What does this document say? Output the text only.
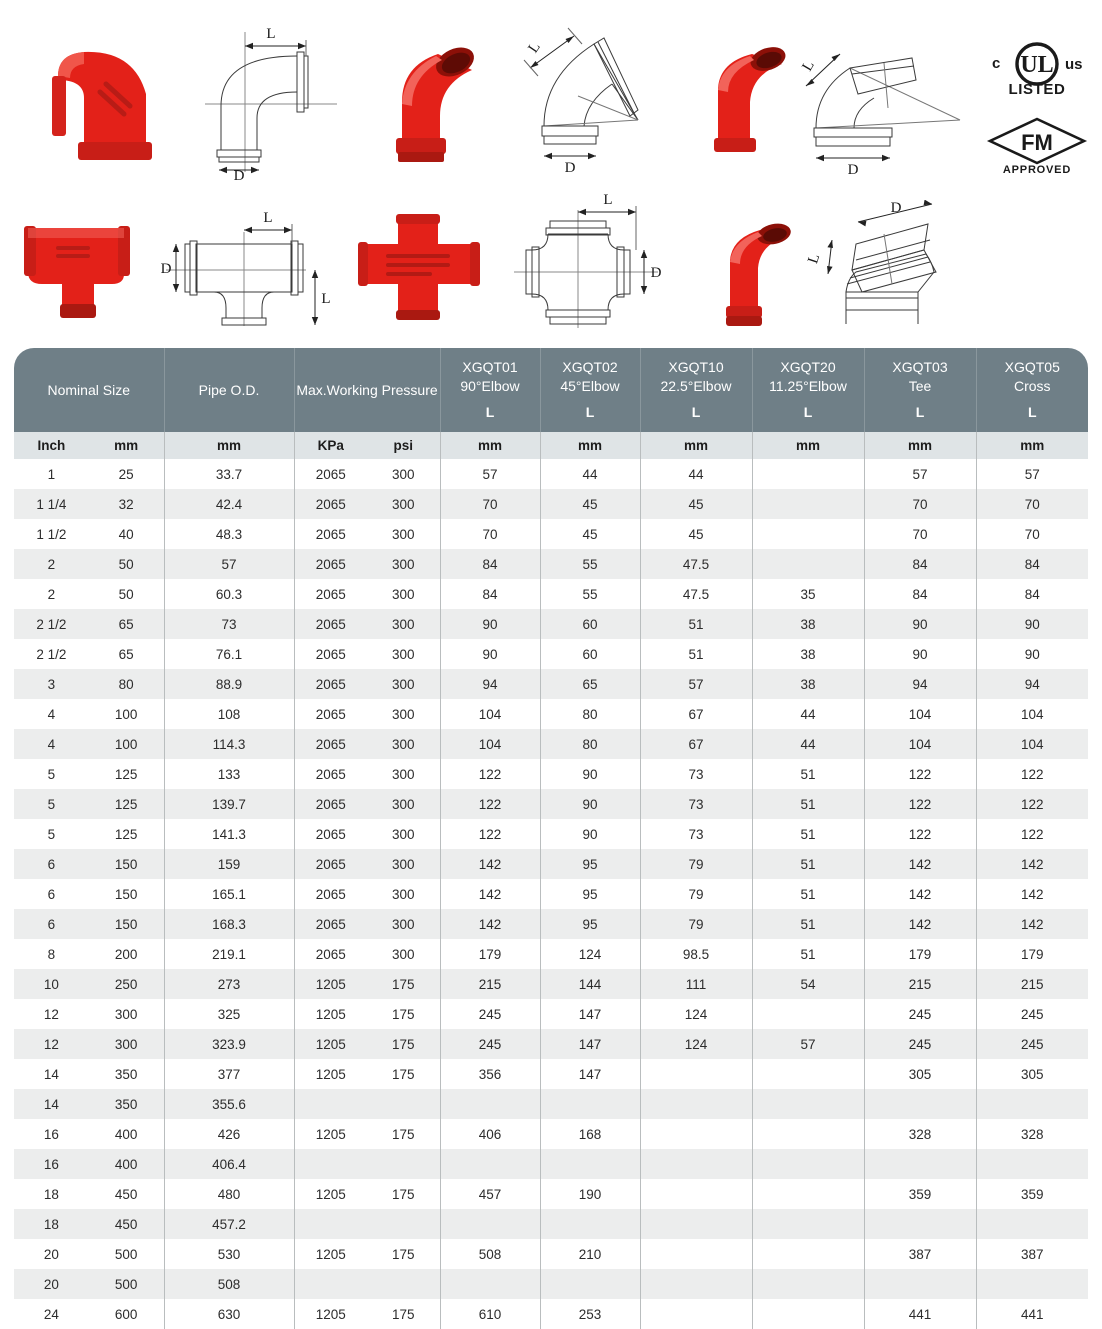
L
D
L
D
L
D
L
D
L
L
D
D
L
c UL us
LISTED
FM
APPROVED
Nominal Size	Pipe O.D.	Max.Working Pressure	XGQT01
90°Elbow
L	XGQT02
45°Elbow
L	XGQT10
22.5°Elbow
L	XGQT20
11.25°Elbow
L	XGQT03
Tee
L	XGQT05
Cross
L

Inch mm	mm	KPa psi	mm	mm	mm	mm	mm	mm

1 25	33.7	2065 300	57	44	44		57	57

1 1/4 32	42.4	2065 300	70	45	45		70	70

1 1/2 40	48.3	2065 300	70	45	45		70	70

2 50	57	2065 300	84	55	47.5		84	84

2 50	60.3	2065 300	84	55	47.5	35	84	84

2 1/2 65	73	2065 300	90	60	51	38	90	90

2 1/2 65	76.1	2065 300	90	60	51	38	90	90

3 80	88.9	2065 300	94	65	57	38	94	94

4 100	108	2065 300	104	80	67	44	104	104

4 100	114.3	2065 300	104	80	67	44	104	104

5 125	133	2065 300	122	90	73	51	122	122

5 125	139.7	2065 300	122	90	73	51	122	122

5 125	141.3	2065 300	122	90	73	51	122	122

6 150	159	2065 300	142	95	79	51	142	142

6 150	165.1	2065 300	142	95	79	51	142	142

6 150	168.3	2065 300	142	95	79	51	142	142

8 200	219.1	2065 300	179	124	98.5	51	179	179

10 250	273	1205 175	215	144	111	54	215	215

12 300	325	1205 175	245	147	124		245	245

12 300	323.9	1205 175	245	147	124	57	245	245

14 350	377	1205 175	356	147			305	305

14 350	355.6	

16 400	426	1205 175	406	168			328	328

16 400	406.4	

18 450	480	1205 175	457	190			359	359

18 450	457.2	

20 500	530	1205 175	508	210			387	387

20 500	508	

24 600	630	1205 175	610	253			441	441
